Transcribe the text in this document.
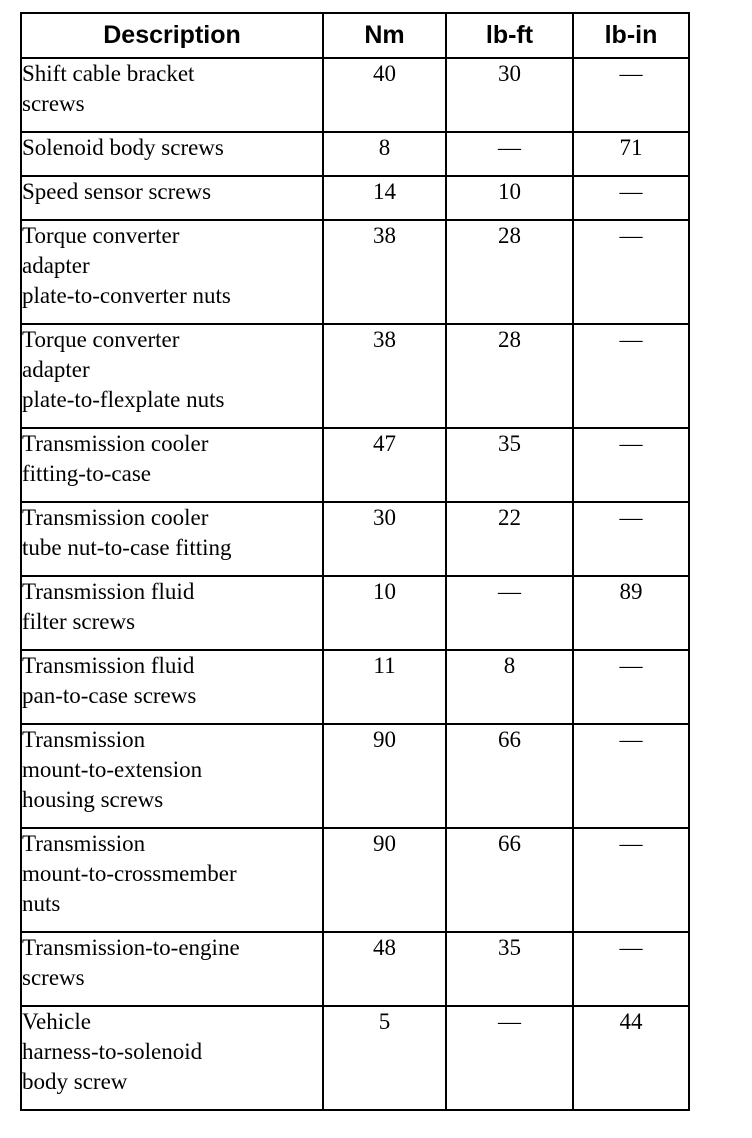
Description	Nm	lb-ft	lb-in
Shift cable bracket
screws	40	30	—
Solenoid body screws	8	—	71
Speed sensor screws	14	10	—
Torque converter
adapter
plate-to-converter nuts	38	28	—
Torque converter
adapter
plate-to-flexplate nuts	38	28	—
Transmission cooler
fitting-to-case	47	35	—
Transmission cooler
tube nut-to-case fitting	30	22	—
Transmission fluid
filter screws	10	—	89
Transmission fluid
pan-to-case screws	11	8	—
Transmission
mount-to-extension
housing screws	90	66	—
Transmission
mount-to-crossmember
nuts	90	66	—
Transmission-to-engine
screws	48	35	—
Vehicle
harness-to-solenoid
body screw	5	—	44
